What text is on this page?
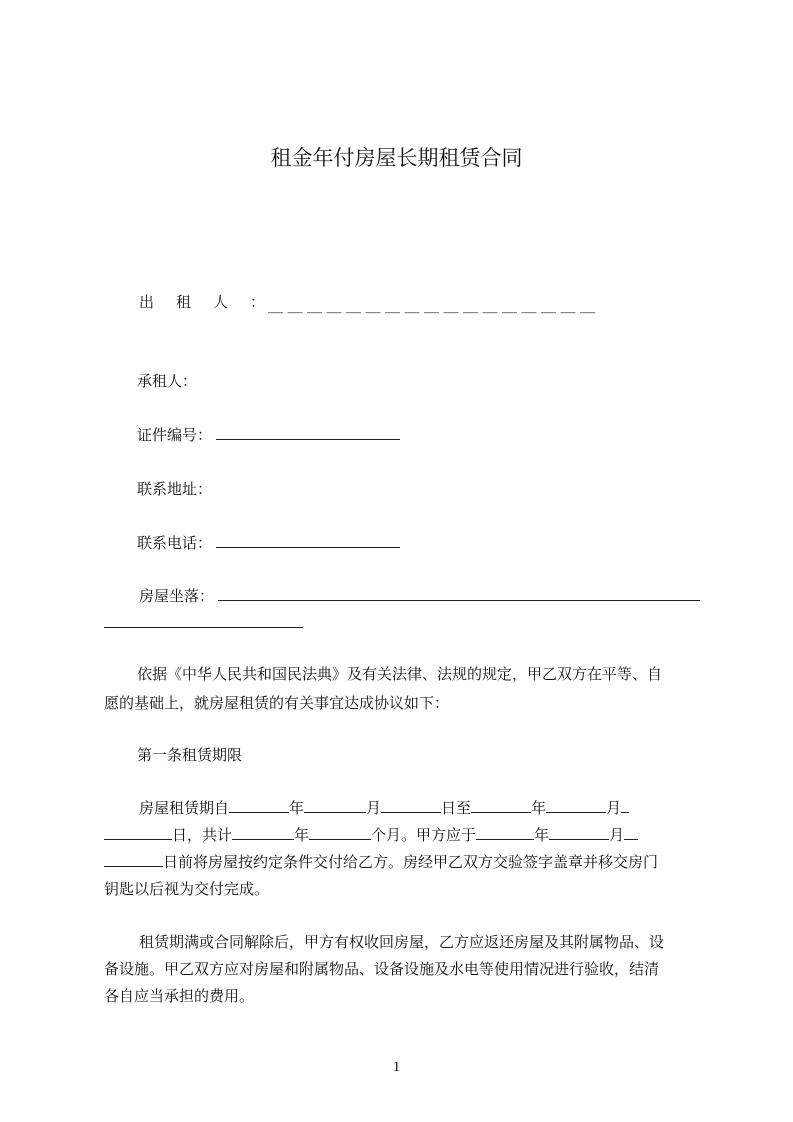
租金年付房屋长期租赁合同
出租人：
＿＿＿＿＿＿＿＿＿＿＿＿＿＿＿＿＿
承租人：
证件编号：
联系地址：
联系电话：
房屋坐落：
依据《中华人民共和国民法典》及有关法律、法规的规定，甲乙双方在平等、自
愿的基础上，就房屋租赁的有关事宜达成协议如下：
第一条租赁期限
房屋租赁期自	年	月	日至	年	月
日，共计	年	个月。甲方应于	年	月
日前将房屋按约定条件交付给乙方。房经甲乙双方交验签字盖章并移交房门
钥匙以后视为交付完成。
租赁期满或合同解除后，甲方有权收回房屋，乙方应返还房屋及其附属物品、设
备设施。甲乙双方应对房屋和附属物品、设备设施及水电等使用情况进行验收，结清
各自应当承担的费用。
1
